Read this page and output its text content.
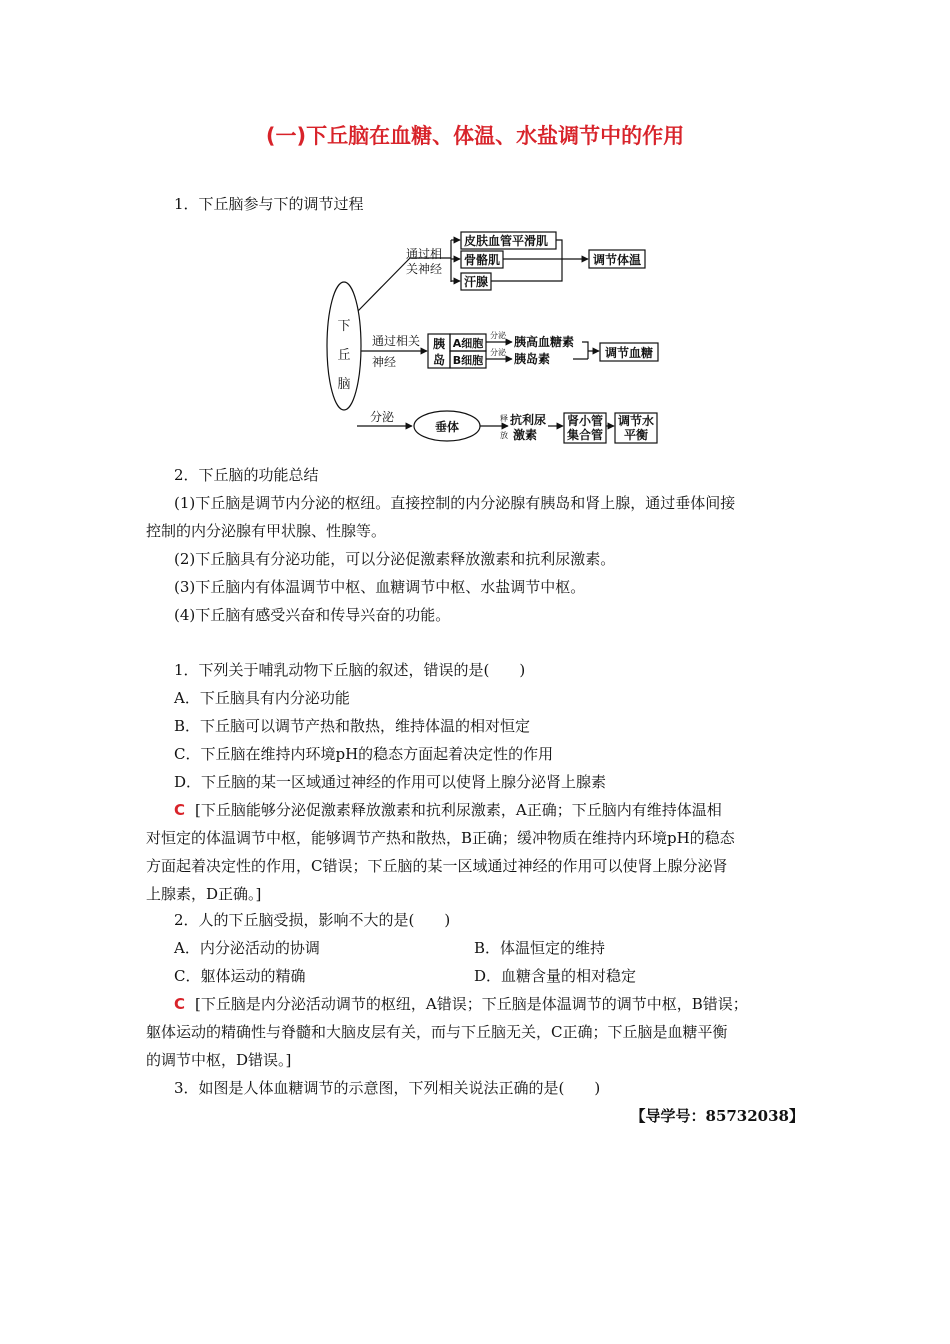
(一)下丘脑在血糖、体温、水盐调节中的作用
1．下丘脑参与下的调节过程
下
丘
脑
通过相
关神经
皮肤血管平滑肌
骨骼肌
汗腺
调节体温
通过相关
神经
胰
岛
A细胞
B细胞
分泌
分泌
胰高血糖素
胰岛素	调节血糖
分泌
垂体
释
放
抗利尿
激素
肾小管
集合管
调节水
平衡
2．下丘脑的功能总结
(1)下丘脑是调节内分泌的枢纽。直接控制的内分泌腺有胰岛和肾上腺，通过垂体间接
控制的内分泌腺有甲状腺、性腺等。
(2)下丘脑具有分泌功能，可以分泌促激素释放激素和抗利尿激素。
(3)下丘脑内有体温调节中枢、血糖调节中枢、水盐调节中枢。
(4)下丘脑有感受兴奋和传导兴奋的功能。
1．下列关于哺乳动物下丘脑的叙述，错误的是(　　)
A．下丘脑具有内分泌功能
B．下丘脑可以调节产热和散热，维持体温的相对恒定
C．下丘脑在维持内环境pH的稳态方面起着决定性的作用
D．下丘脑的某一区域通过神经的作用可以使肾上腺分泌肾上腺素
C [下丘脑能够分泌促激素释放激素和抗利尿激素，A正确；下丘脑内有维持体温相
对恒定的体温调节中枢，能够调节产热和散热，B正确；缓冲物质在维持内环境pH的稳态
方面起着决定性的作用，C错误；下丘脑的某一区域通过神经的作用可以使肾上腺分泌肾
上腺素，D正确。]
2．人的下丘脑受损，影响不大的是(　　)
A．内分泌活动的协调	B．体温恒定的维持
C．躯体运动的精确	D．血糖含量的相对稳定
C [下丘脑是内分泌活动调节的枢纽，A错误；下丘脑是体温调节的调节中枢，B错误；
躯体运动的精确性与脊髓和大脑皮层有关，而与下丘脑无关，C正确；下丘脑是血糖平衡
的调节中枢，D错误。]
3．如图是人体血糖调节的示意图，下列相关说法正确的是(　　)
【导学号：85732038】
